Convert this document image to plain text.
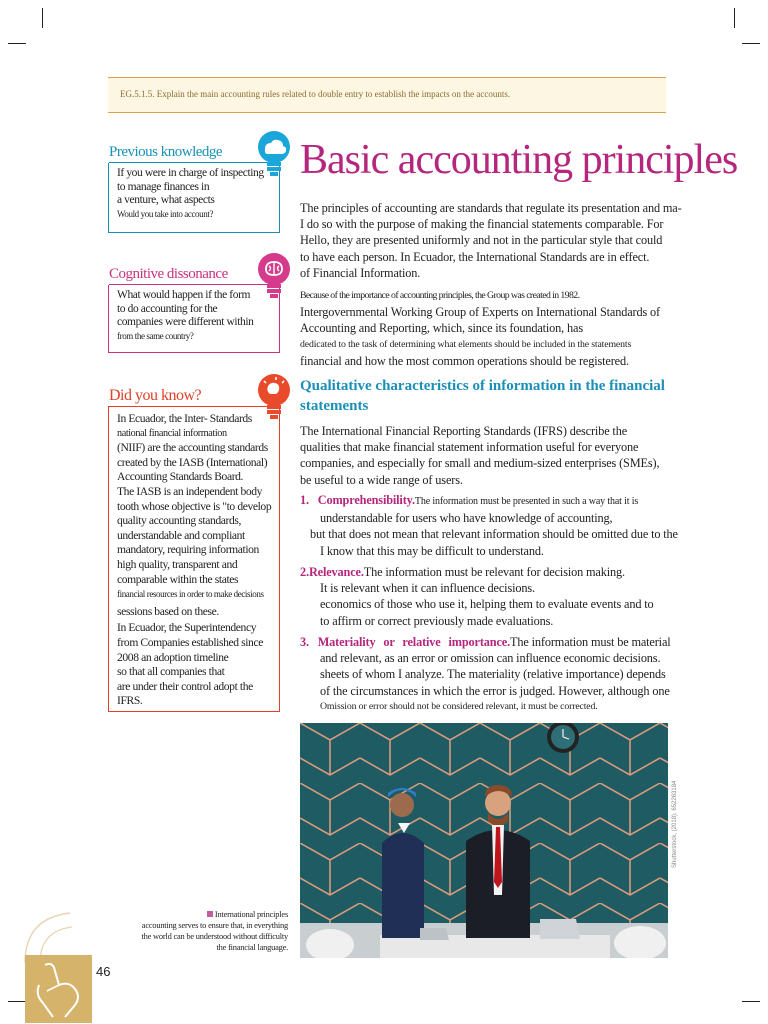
EG.5.1.5. Explain the main accounting rules related to double entry to establish the impacts on the accounts.
Previous knowledge
If you were in charge of inspecting
to manage finances in
a venture, what aspects
Would you take into account?
Cognitive dissonance
What would happen if the form
to do accounting for the
companies were different within
from the same country?
Did you know?
In Ecuador, the Inter- Standards
national financial information
(NIIF) are the accounting standards
created by the IASB (International)
Accounting Standards Board.
The IASB is an independent body
tooth whose objective is "to develop
quality accounting standards,
understandable and compliant
mandatory, requiring information
high quality, transparent and
comparable within the states
financial resources in order to make decisions
sessions based on these.
In Ecuador, the Superintendency
from Companies established since
2008 an adoption timeline
so that all companies that
are under their control adopt the
IFRS.
Basic accounting principles

The principles of accounting are standards that regulate its presentation and ma-
I do so with the purpose of making the financial statements comparable. For
Hello, they are presented uniformly and not in the particular style that could
to have each person. In Ecuador, the International Standards are in effect.
of Financial Information.

Because of the importance of accounting principles, the Group was created in 1982.
Intergovernmental Working Group of Experts on International Standards of
Accounting and Reporting, which, since its foundation, has
dedicated to the task of determining what elements should be included in the statements
financial and how the most common operations should be registered.

Qualitative characteristics of information in the financial statements

The International Financial Reporting Standards (IFRS) describe the
qualities that make financial statement information useful for everyone
companies, and especially for small and medium-sized enterprises (SMEs),
be useful to a wide range of users.

1. Comprehensibility.The information must be presented in such a way that it is
understandable for users who have knowledge of accounting,
but that does not mean that relevant information should be omitted due to the
I know that this may be difficult to understand.

2.Relevance.The information must be relevant for decision making.
It is relevant when it can influence decisions.
economics of those who use it, helping them to evaluate events and to
to affirm or correct previously made evaluations.

3. Materiality or relative importance.The information must be material
and relevant, as an error or omission can influence economic decisions.
sheets of whom I analyze. The materiality (relative importance) depends
of the circumstances in which the error is judged. However, although one
Omission or error should not be considered relevant, it must be corrected.

Shutterstock, (2018). 652263184
International principles
accounting serves to ensure that, in everything
the world can be understood without difficulty
the financial language.
46
